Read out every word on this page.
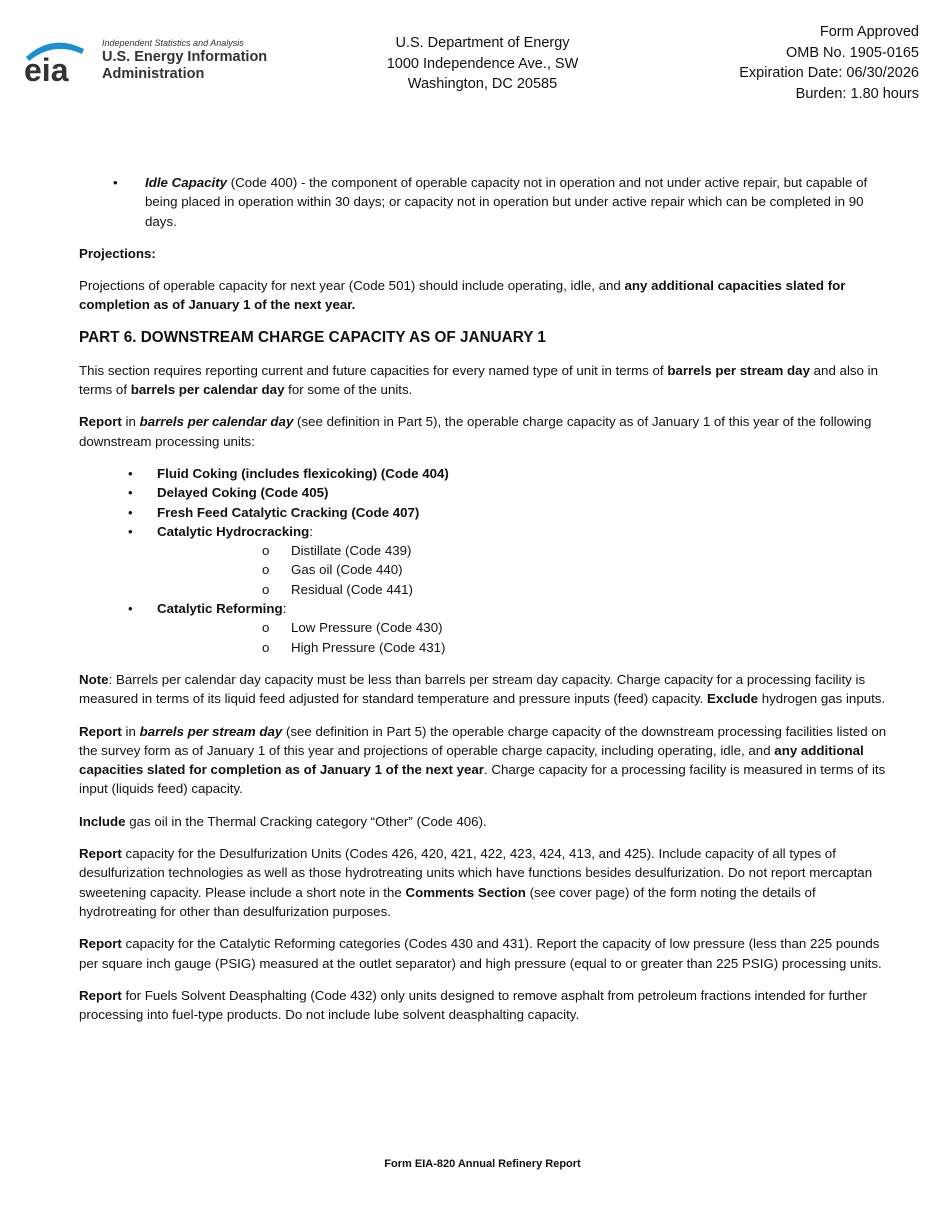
eia
Independent Statistics and Analysis
U.S. Energy Information Administration
U.S. Department of Energy
1000 Independence Ave., SW
Washington, DC 20585
Form Approved
OMB No. 1905-0165
Expiration Date: 06/30/2026
Burden: 1.80 hours
• Idle Capacity (Code 400) - the component of operable capacity not in operation and not under active repair, but capable of being placed in operation within 30 days; or capacity not in operation but under active repair which can be completed in 90 days.

Projections:

Projections of operable capacity for next year (Code 501) should include operating, idle, and any additional capacities slated for completion as of January 1 of the next year.

PART 6. DOWNSTREAM CHARGE CAPACITY AS OF JANUARY 1

This section requires reporting current and future capacities for every named type of unit in terms of barrels per stream day and also in terms of barrels per calendar day for some of the units.

Report in barrels per calendar day (see definition in Part 5), the operable charge capacity as of January 1 of this year of the following downstream processing units:

• Fluid Coking (includes flexicoking) (Code 404)
• Delayed Coking (Code 405)
• Fresh Feed Catalytic Cracking (Code 407)
• Catalytic Hydrocracking:
o Distillate (Code 439)
o Gas oil (Code 440)
o Residual (Code 441)
• Catalytic Reforming:
o Low Pressure (Code 430)
o High Pressure (Code 431)

Note: Barrels per calendar day capacity must be less than barrels per stream day capacity. Charge capacity for a processing facility is measured in terms of its liquid feed adjusted for standard temperature and pressure inputs (feed) capacity. Exclude hydrogen gas inputs.

Report in barrels per stream day (see definition in Part 5) the operable charge capacity of the downstream processing facilities listed on the survey form as of January 1 of this year and projections of operable charge capacity, including operating, idle, and any additional capacities slated for completion as of January 1 of the next year. Charge capacity for a processing facility is measured in terms of its input (liquids feed) capacity.

Include gas oil in the Thermal Cracking category “Other” (Code 406).

Report capacity for the Desulfurization Units (Codes 426, 420, 421, 422, 423, 424, 413, and 425). Include capacity of all types of desulfurization technologies as well as those hydrotreating units which have functions besides desulfurization. Do not report mercaptan sweetening capacity. Please include a short note in the Comments Section (see cover page) of the form noting the details of hydrotreating for other than desulfurization purposes.

Report capacity for the Catalytic Reforming categories (Codes 430 and 431). Report the capacity of low pressure (less than 225 pounds per square inch gauge (PSIG) measured at the outlet separator) and high pressure (equal to or greater than 225 PSIG) processing units.

Report for Fuels Solvent Deasphalting (Code 432) only units designed to remove asphalt from petroleum fractions intended for further processing into fuel-type products. Do not include lube solvent deasphalting capacity.

Form EIA-820 Annual Refinery Report
